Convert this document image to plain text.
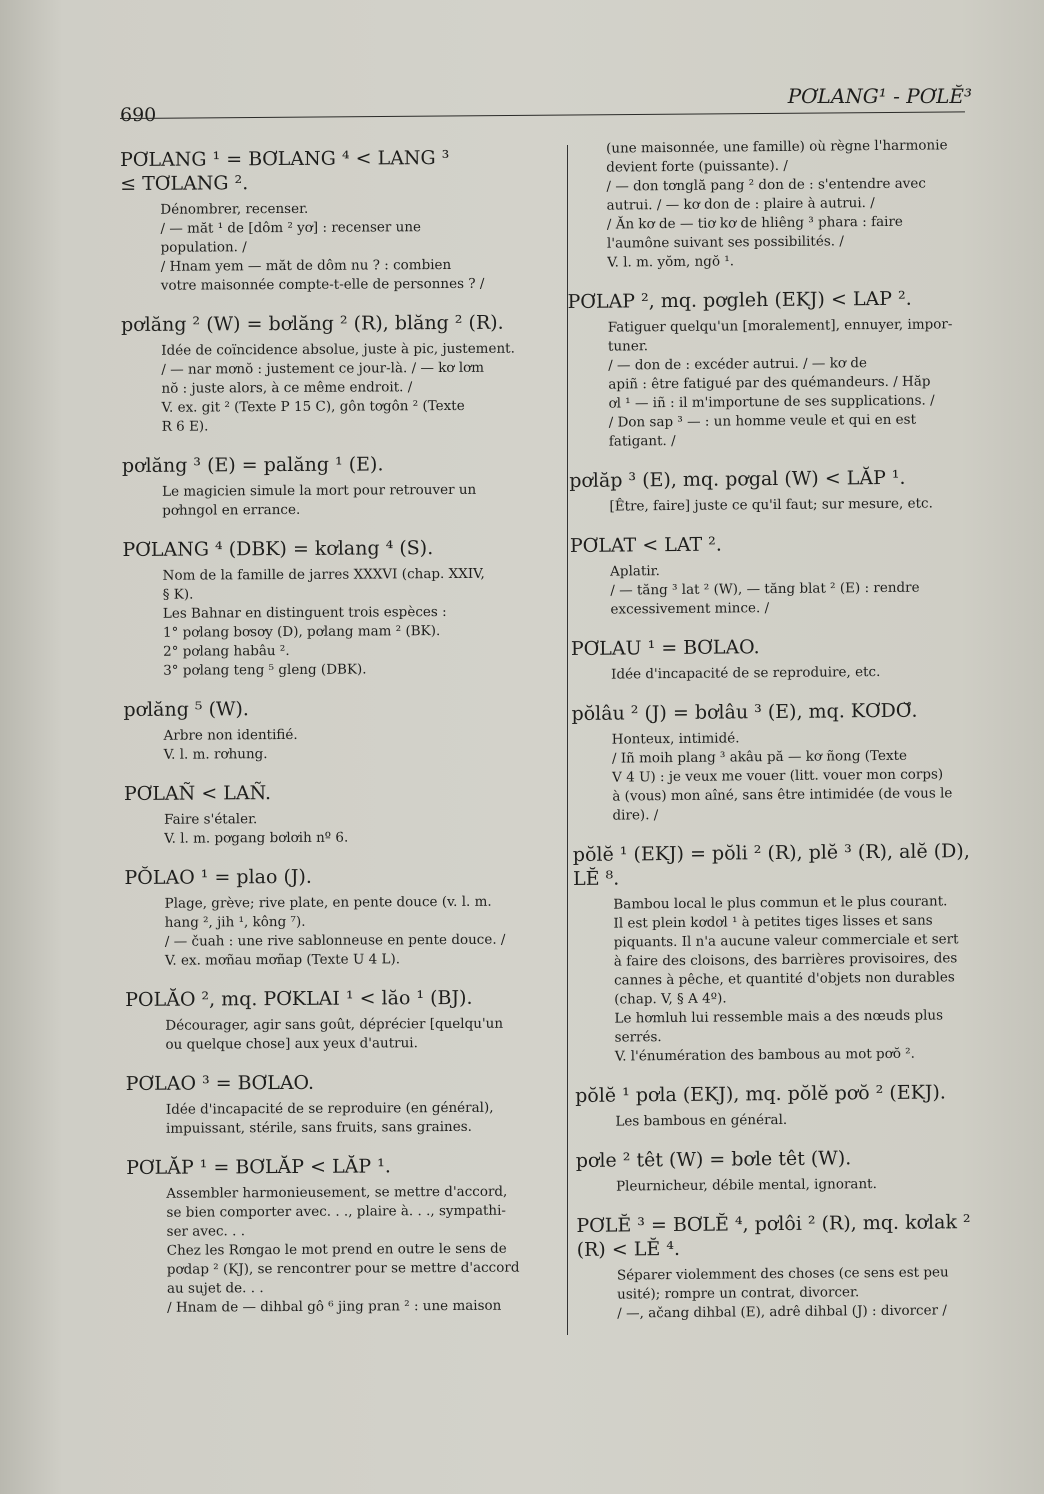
690
PƠLANG¹ - PƠLĔ³
PƠLANG ¹ = BƠLANG ⁴ < LANG ³
≤ TƠLANG ².
Dénombrer, recenser.
/ — măt ¹ de [dôm ² yơ] : recenser une
population. /
/ Hnam yem — măt de dôm nu ? : combien
votre maisonnée compte-t-elle de personnes ? /
pơlăng ² (W) = bơlăng ² (R), blăng ² (R).
Idée de coïncidence absolue, juste à pic, justement.
/ — nar mơnŏ : justement ce jour-là. / — kơ lơm
nŏ : juste alors, à ce même endroit. /
V. ex. git ² (Texte P 15 C), gôn tơgôn ² (Texte
R 6 E).
pơlăng ³ (E) = palăng ¹ (E).
Le magicien simule la mort pour retrouver un
pơhngol en errance.
PƠLANG ⁴ (DBK) = kơlang ⁴ (S).
Nom de la famille de jarres XXXVI (chap. XXIV,
§ K).
Les Bahnar en distinguent trois espèces :
1° pơlang bơsơy (D), pơlang mam ² (BK).
2° pơlang habâu ².
3° pơlang teng ⁵ gleng (DBK).
pơlăng ⁵ (W).
Arbre non identifié.
V. l. m. rơhung.
PƠLAÑ < LAÑ.
Faire s'étaler.
V. l. m. pơgang bơlơih nº 6.
PŎLAO ¹ = plao (J).
Plage, grève; rive plate, en pente douce (v. l. m.
hang ², jih ¹, kông ⁷).
/ — čuah : une rive sablonneuse en pente douce. /
V. ex. mơñau mơñap (Texte U 4 L).
POLĂO ², mq. PƠKLAI ¹ < lăo ¹ (BJ).
Décourager, agir sans goût, déprécier [quelqu'un
ou quelque chose] aux yeux d'autrui.
PƠLAO ³ = BƠLAO.
Idée d'incapacité de se reproduire (en général),
impuissant, stérile, sans fruits, sans graines.
PƠLĂP ¹ = BƠLĂP < LĂP ¹.
Assembler harmonieusement, se mettre d'accord,
se bien comporter avec. . ., plaire à. . ., sympathi-
ser avec. . .
Chez les Rơngao le mot prend en outre le sens de
pơdap ² (KJ), se rencontrer pour se mettre d'accord
au sujet de. . .
/ Hnam de — dihbal gô ⁶ jing pran ² : une maison
(une maisonnée, une famille) où règne l'harmonie
devient forte (puissante). /
/ — don tơnglă pang ² don de : s'entendre avec
autrui. / — kơ don de : plaire à autrui. /
/ Ăn kơ de — tiơ kơ de hliêng ³ phara : faire
l'aumône suivant ses possibilités. /
V. l. m. yŏm, ngŏ ¹.
PƠLAP ², mq. pơgleh (EKJ) < LAP ².
Fatiguer quelqu'un [moralement], ennuyer, impor-
tuner.
/ — don de : excéder autrui. / — kơ de
apiñ : être fatigué par des quémandeurs. / Hăp
ơl ¹ — iñ : il m'importune de ses supplications. /
/ Don sap ³ — : un homme veule et qui en est
fatigant. /
pơlăp ³ (E), mq. pơgal (W) < LĂP ¹.
[Être, faire] juste ce qu'il faut; sur mesure, etc.
PƠLAT < LAT ².
Aplatir.
/ — tăng ³ lat ² (W), — tăng blat ² (E) : rendre
excessivement mince. /
PƠLAU ¹ = BƠLAO.
Idée d'incapacité de se reproduire, etc.
pŏlâu ² (J) = bơlâu ³ (E), mq. KƠDƠ̆.
Honteux, intimidé.
/ Iñ moih plang ³ akâu pă — kơ ñong (Texte
V 4 U) : je veux me vouer (litt. vouer mon corps)
à (vous) mon aîné, sans être intimidée (de vous le
dire). /
pŏlĕ ¹ (EKJ) = pŏli ² (R), plĕ ³ (R), alĕ (D),
LĔ ⁸.
Bambou local le plus commun et le plus courant.
Il est plein kơdơl ¹ à petites tiges lisses et sans
piquants. Il n'a aucune valeur commerciale et sert
à faire des cloisons, des barrières provisoires, des
cannes à pêche, et quantité d'objets non durables
(chap. V, § A 4º).
Le hơmluh lui ressemble mais a des nœuds plus
serrés.
V. l'énumération des bambous au mot pơŏ ².
pŏlĕ ¹ pơla (EKJ), mq. pŏlĕ pơŏ ² (EKJ).
Les bambous en général.
pơle ² têt (W) = bơle têt (W).
Pleurnicheur, débile mental, ignorant.
PƠLĔ ³ = BƠLĔ ⁴, pơlôi ² (R), mq. kơlak ²
(R) < LĔ ⁴.
Séparer violemment des choses (ce sens est peu
usité); rompre un contrat, divorcer.
/ —, ačang dihbal (E), adrê dihbal (J) : divorcer /
